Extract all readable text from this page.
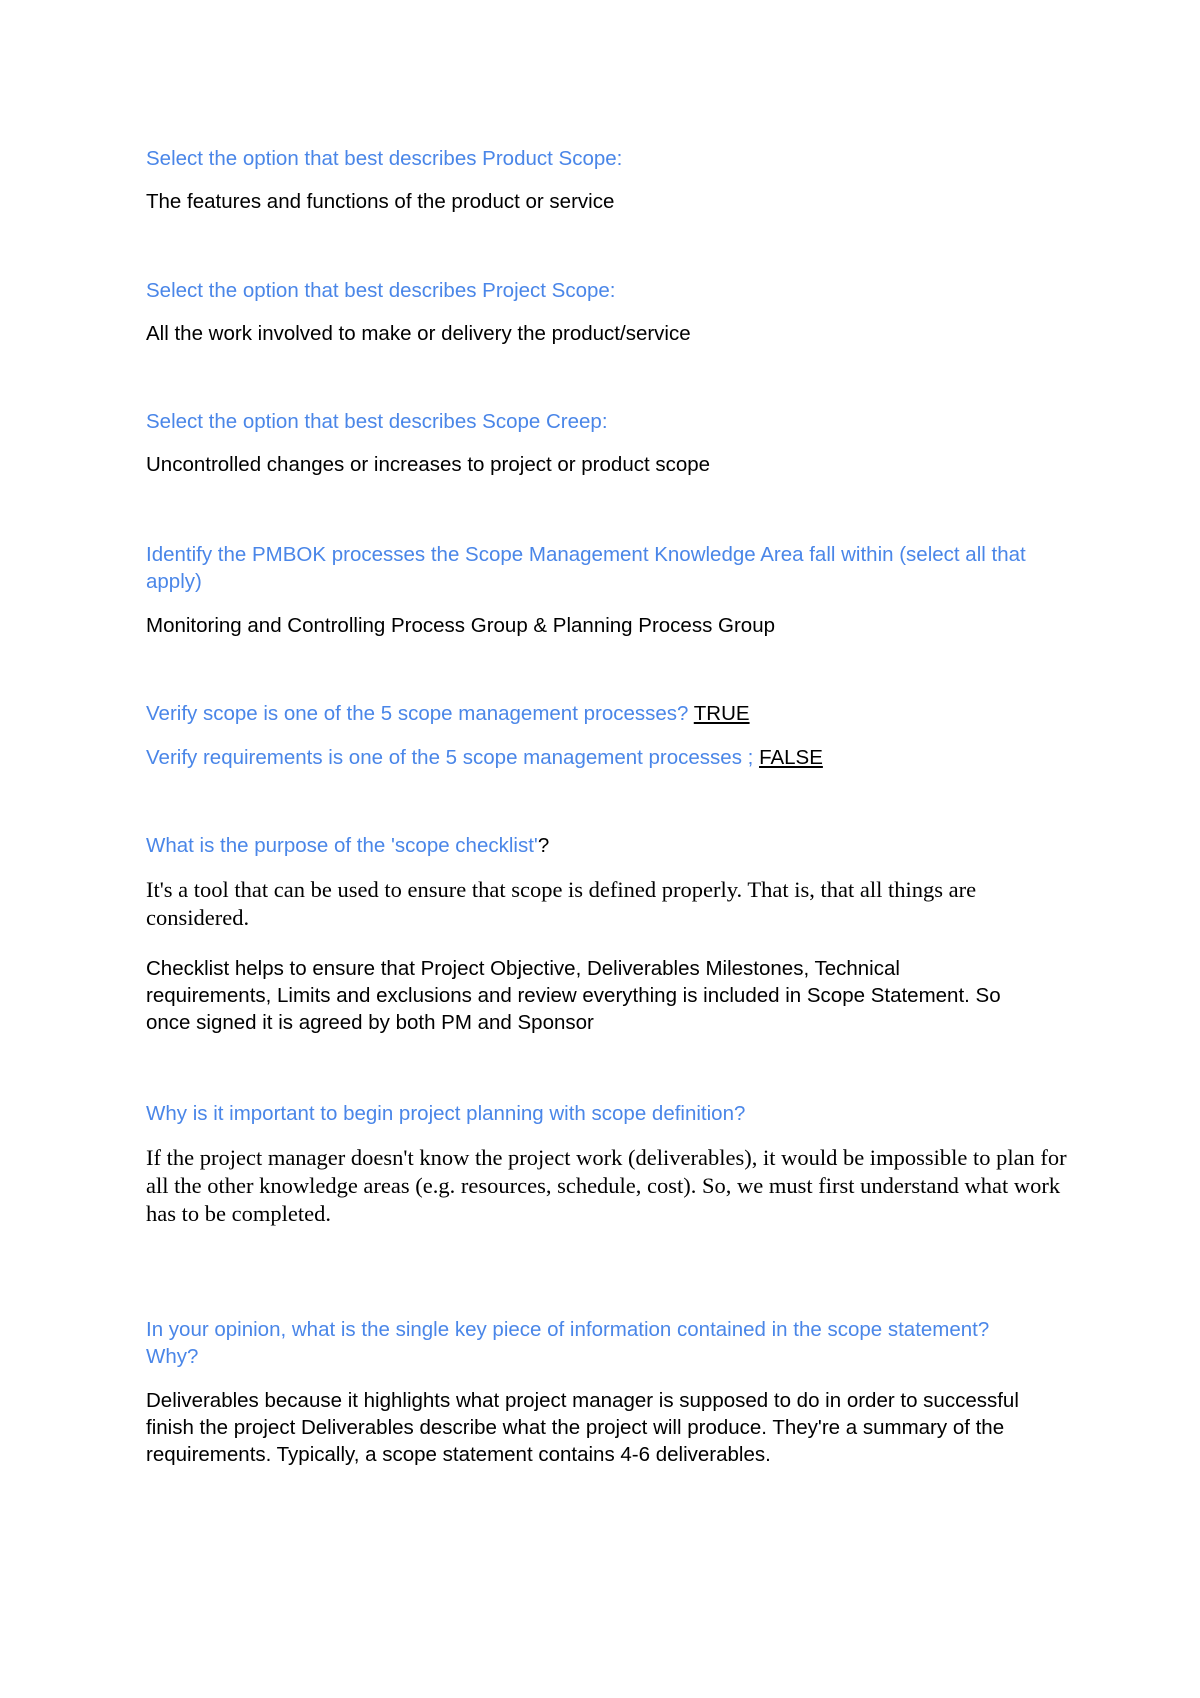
Select the option that best describes Product Scope:

The features and functions of the product or service

Select the option that best describes Project Scope:

All the work involved to make or delivery the product/service

Select the option that best describes Scope Creep:

Uncontrolled changes or increases to project or product scope

Identify the PMBOK processes the Scope Management Knowledge Area fall within (select all that apply)

Monitoring and Controlling Process Group & Planning Process Group

Verify scope is one of the 5 scope management processes? TRUE

Verify requirements is one of the 5 scope management processes ; FALSE

What is the purpose of the 'scope checklist'?

It's a tool that can be used to ensure that scope is defined properly. That is, that all things are considered.

Checklist helps to ensure that Project Objective, Deliverables Milestones, Technical requirements, Limits and exclusions and review everything is included in Scope Statement. So once signed it is agreed by both PM and Sponsor

Why is it important to begin project planning with scope definition?

If the project manager doesn't know the project work (deliverables), it would be impossible to plan for all the other knowledge areas (e.g. resources, schedule, cost). So, we must first understand what work has to be completed.

In your opinion, what is the single key piece of information contained in the scope statement? Why?

Deliverables because it highlights what project manager is supposed to do in order to successful finish the project Deliverables describe what the project will produce. They're a summary of the requirements. Typically, a scope statement contains 4-6 deliverables.
